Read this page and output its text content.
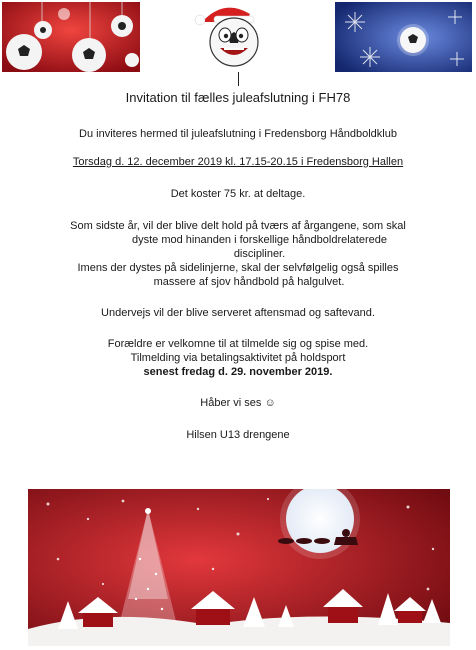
Invitation til fælles juleafslutning i FH78

Du inviteres hermed til juleafslutning i Fredensborg Håndboldklub

Torsdag d. 12. december 2019 kl. 17.15-20.15 i Fredensborg Hallen

Det koster 75 kr. at deltage.

Som sidste år, vil der blive delt hold på tværs af årgangene, som skal

dyste mod hinanden i forskellige håndboldrelaterede

discipliner.

Imens der dystes på sidelinjerne, skal der selvfølgelig også spilles

massere af sjov håndbold på halgulvet.

Undervejs vil der blive serveret aftensmad og saftevand.

Forældre er velkomne til at tilmelde sig og spise med.

Tilmelding via betalingsaktivitet på holdsport

senest fredag d. 29. november 2019.

Håber vi ses ☺

Hilsen U13 drengene
